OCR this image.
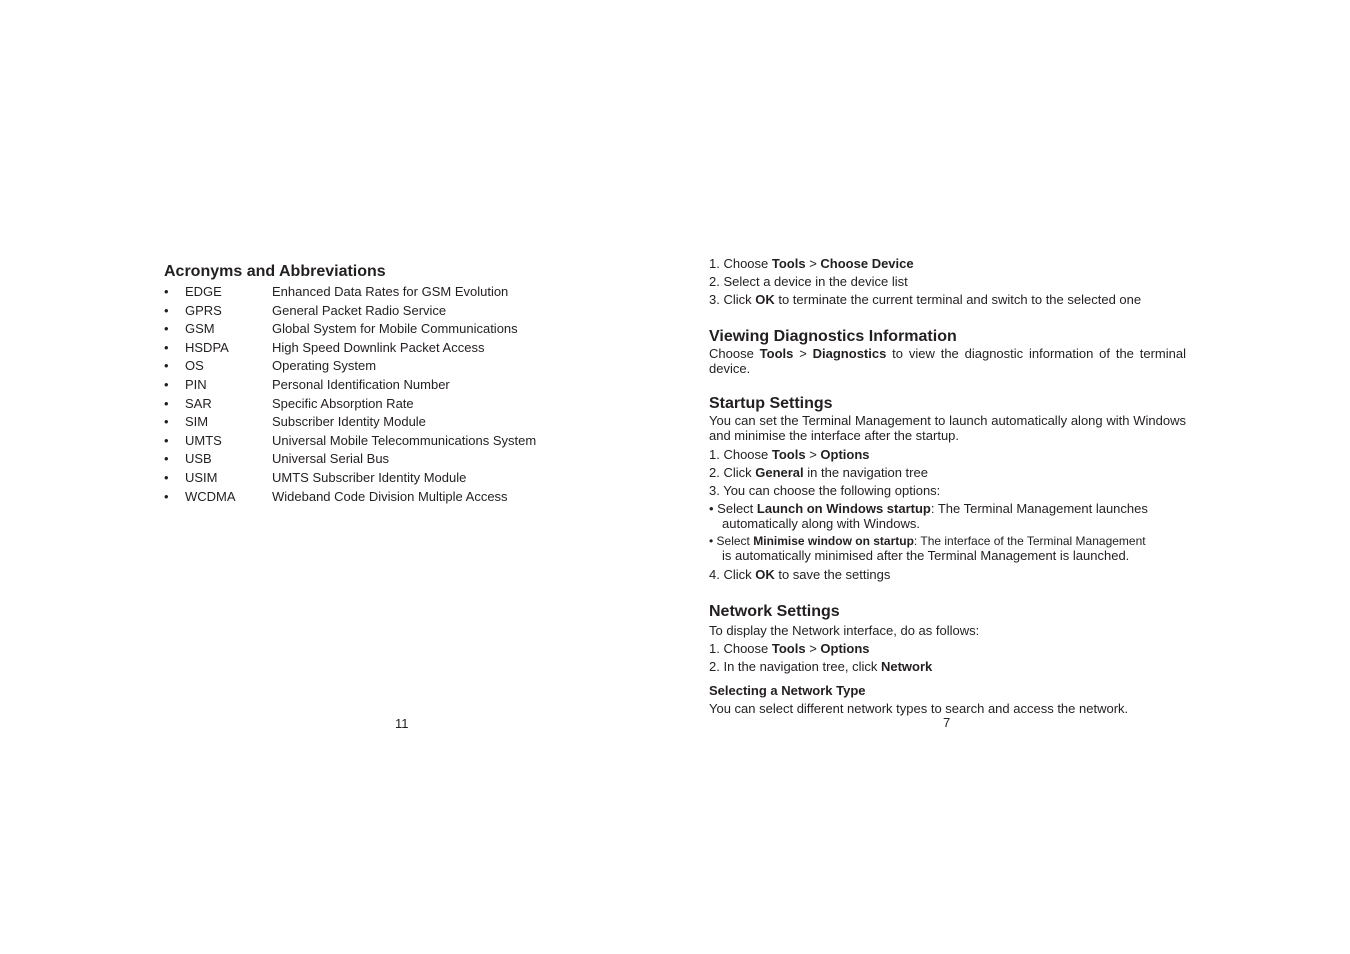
Acronyms and Abbreviations
•	EDGE	Enhanced Data Rates for GSM Evolution
•	GPRS	General Packet Radio Service
•	GSM	Global System for Mobile Communications
•	HSDPA	High Speed Downlink Packet Access
•	OS	Operating System
•	PIN	Personal Identification Number
•	SAR	Specific Absorption Rate
•	SIM	Subscriber Identity Module
•	UMTS	Universal Mobile Telecommunications System
•	USB	Universal Serial Bus
•	USIM	UMTS Subscriber Identity Module
•	WCDMA	Wideband Code Division Multiple Access
11
1. Choose Tools > Choose Device
2. Select a device in the device list
3. Click OK to terminate the current terminal and switch to the selected one
Viewing Diagnostics Information
Choose Tools > Diagnostics to view the diagnostic information of the terminal device.
Startup Settings
You can set the Terminal Management to launch automatically along with Windows and minimise the interface after the startup.
1. Choose Tools > Options
2. Click General in the navigation tree
3. You can choose the following options:
• Select Launch on Windows startup: The Terminal Management launches automatically along with Windows.
• Select Minimise window on startup: The interface of the Terminal Management
is automatically minimised after the Terminal Management is launched.
4. Click OK to save the settings
Network Settings
To display the Network interface, do as follows:
1. Choose Tools > Options
2. In the navigation tree, click Network
Selecting a Network Type
You can select different network types to search and access the network.
7
